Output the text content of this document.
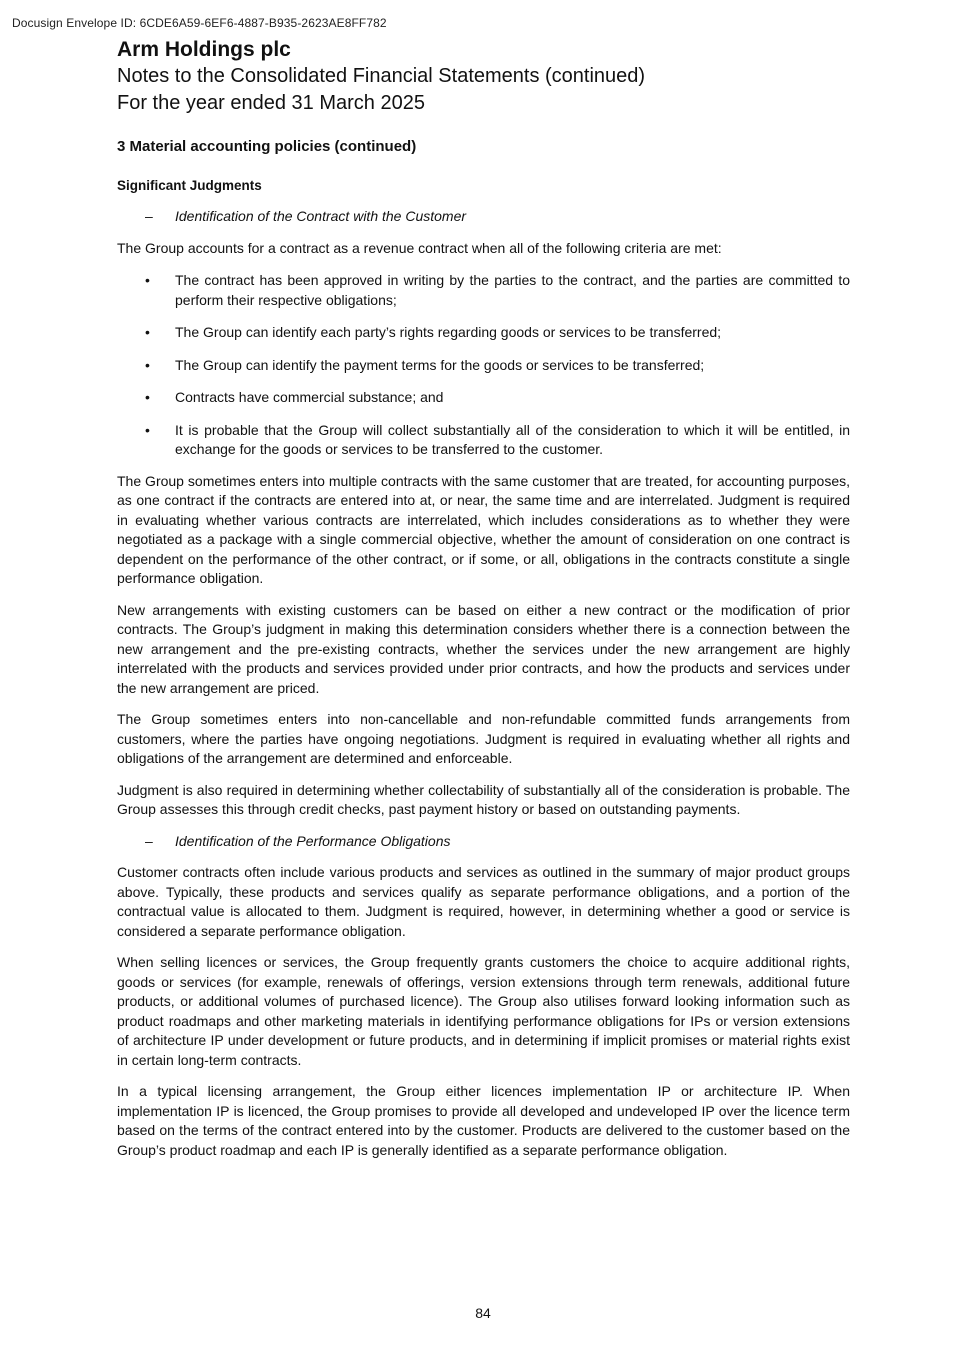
Docusign Envelope ID: 6CDE6A59-6EF6-4887-B935-2623AE8FF782
Arm Holdings plc
Notes to the Consolidated Financial Statements (continued)
For the year ended 31 March 2025
3 Material accounting policies (continued)
Significant Judgments
–	Identification of the Contract with the Customer

The Group accounts for a contract as a revenue contract when all of the following criteria are met:

•	The contract has been approved in writing by the parties to the contract, and the parties are committed to perform their respective obligations;
•	The Group can identify each party’s rights regarding goods or services to be transferred;
•	The Group can identify the payment terms for the goods or services to be transferred;
•	Contracts have commercial substance; and
•	It is probable that the Group will collect substantially all of the consideration to which it will be entitled, in exchange for the goods or services to be transferred to the customer.

The Group sometimes enters into multiple contracts with the same customer that are treated, for accounting purposes, as one contract if the contracts are entered into at, or near, the same time and are interrelated. Judgment is required in evaluating whether various contracts are interrelated, which includes considerations as to whether they were negotiated as a package with a single commercial objective, whether the amount of consideration on one contract is dependent on the performance of the other contract, or if some, or all, obligations in the contracts constitute a single performance obligation.

New arrangements with existing customers can be based on either a new contract or the modification of prior contracts. The Group’s judgment in making this determination considers whether there is a connection between the new arrangement and the pre-existing contracts, whether the services under the new arrangement are highly interrelated with the products and services provided under prior contracts, and how the products and services under the new arrangement are priced.

The Group sometimes enters into non-cancellable and non-refundable committed funds arrangements from customers, where the parties have ongoing negotiations. Judgment is required in evaluating whether all rights and obligations of the arrangement are determined and enforceable.

Judgment is also required in determining whether collectability of substantially all of the consideration is probable. The Group assesses this through credit checks, past payment history or based on outstanding payments.

–	Identification of the Performance Obligations

Customer contracts often include various products and services as outlined in the summary of major product groups above. Typically, these products and services qualify as separate performance obligations, and a portion of the contractual value is allocated to them. Judgment is required, however, in determining whether a good or service is considered a separate performance obligation.

When selling licences or services, the Group frequently grants customers the choice to acquire additional rights, goods or services (for example, renewals of offerings, version extensions through term renewals, additional future products, or additional volumes of purchased licence). The Group also utilises forward looking information such as product roadmaps and other marketing materials in identifying performance obligations for IPs or version extensions of architecture IP under development or future products, and in determining if implicit promises or material rights exist in certain long-term contracts.

In a typical licensing arrangement, the Group either licences implementation IP or architecture IP. When implementation IP is licenced, the Group promises to provide all developed and undeveloped IP over the licence term based on the terms of the contract entered into by the customer. Products are delivered to the customer based on the Group’s product roadmap and each IP is generally identified as a separate performance obligation.

84
